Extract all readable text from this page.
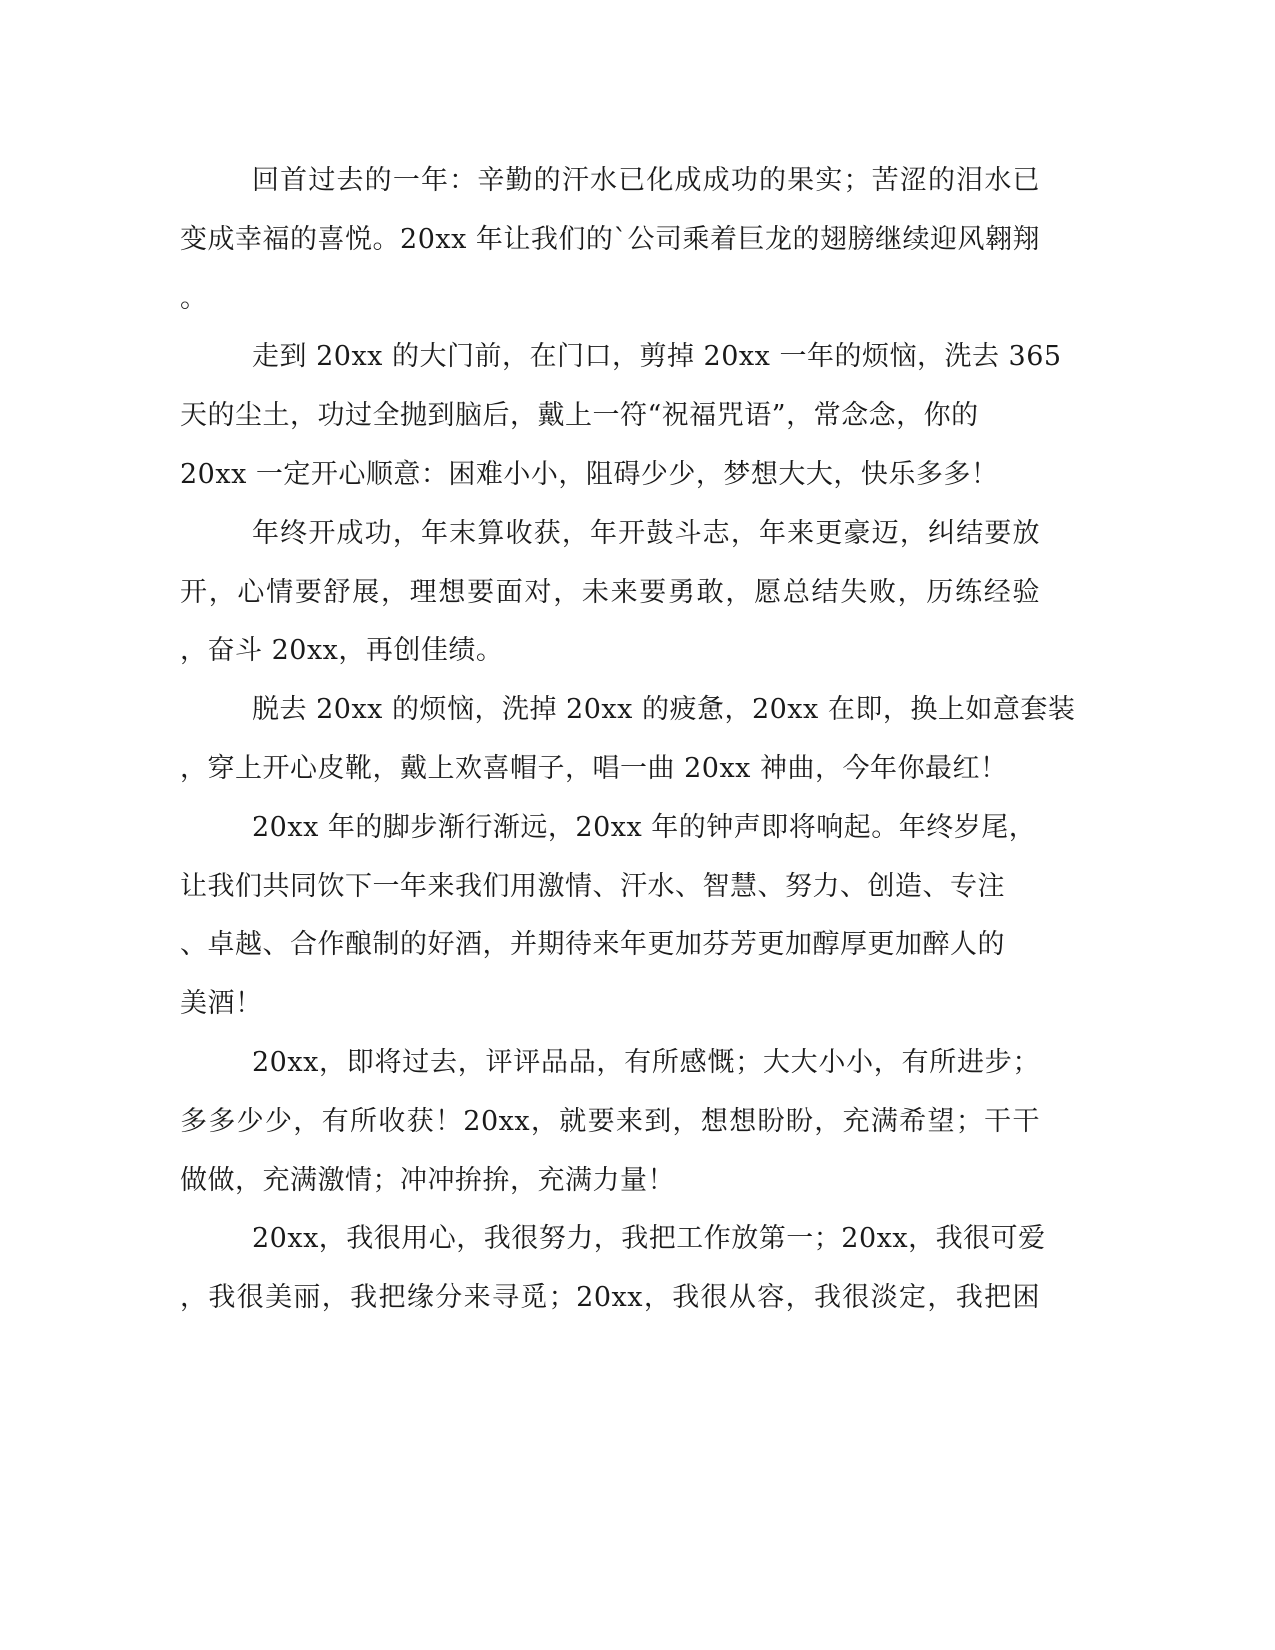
回首过去的一年：辛勤的汗水已化成成功的果实；苦涩的泪水已
变成幸福的喜悦。20xx 年让我们的`公司乘着巨龙的翅膀继续迎风翱翔
。
走到 20xx 的大门前，在门口，剪掉 20xx 一年的烦恼，洗去 365
天的尘土，功过全抛到脑后，戴上一符“祝福咒语”，常念念，你的
20xx 一定开心顺意：困难小小，阻碍少少，梦想大大，快乐多多！
年终开成功，年末算收获，年开鼓斗志，年来更豪迈，纠结要放
开，心情要舒展，理想要面对，未来要勇敢，愿总结失败，历练经验
，奋斗 20xx，再创佳绩。
脱去 20xx 的烦恼，洗掉 20xx 的疲惫，20xx 在即，换上如意套装
，穿上开心皮靴，戴上欢喜帽子，唱一曲 20xx 神曲，今年你最红！
20xx 年的脚步渐行渐远，20xx 年的钟声即将响起。年终岁尾，
让我们共同饮下一年来我们用激情、汗水、智慧、努力、创造、专注
、卓越、合作酿制的好酒，并期待来年更加芬芳更加醇厚更加醉人的
美酒！
20xx，即将过去，评评品品，有所感慨；大大小小，有所进步；
多多少少，有所收获！20xx，就要来到，想想盼盼，充满希望；干干
做做，充满激情；冲冲拚拚，充满力量！
20xx，我很用心，我很努力，我把工作放第一；20xx，我很可爱
，我很美丽，我把缘分来寻觅；20xx，我很从容，我很淡定，我把困
